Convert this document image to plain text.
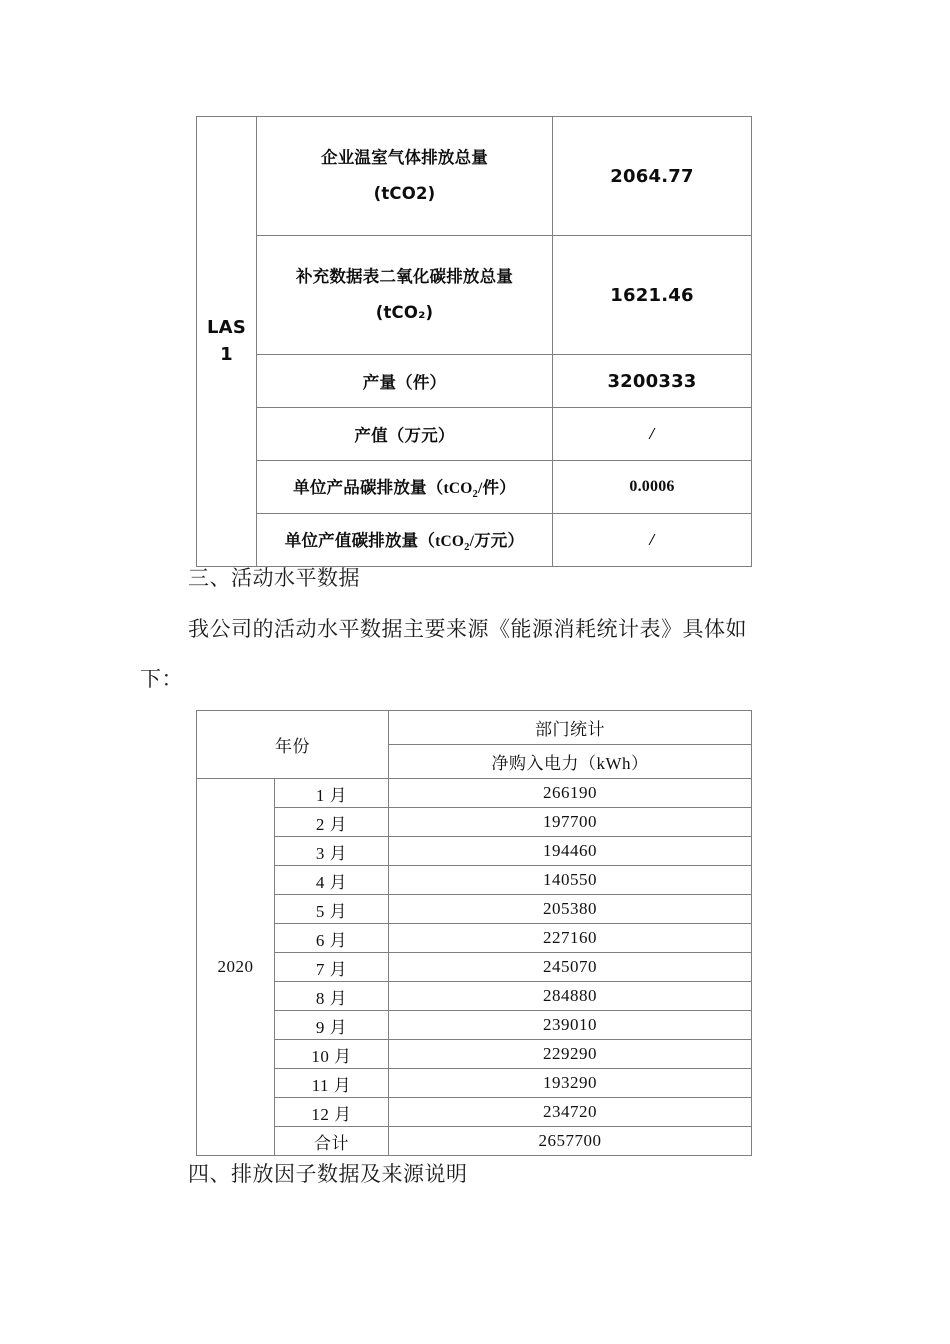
LAS
1	企业温室气体排放总量
(tCO2)	2064.77

	补充数据表二氧化碳排放总量
(tCO₂)	1621.46
	产量（件）	3200333
	产值（万元）	/
	单位产品碳排放量（tCO$_2$/件）	0.0006
	单位产值碳排放量（tCO$_2$/万元）	/
三、活动水平数据
我公司的活动水平数据主要来源《能源消耗统计表》具体如
下：
年份		部门统计
		净购入电力（kWh）
2020	1 月	266190
	2 月	197700
	3 月	194460
	4 月	140550
	5 月	205380
	6 月	227160
	7 月	245070
	8 月	284880
	9 月	239010
	10 月	229290
	11 月	193290
	12 月	234720
	合计	2657700
四、排放因子数据及来源说明
